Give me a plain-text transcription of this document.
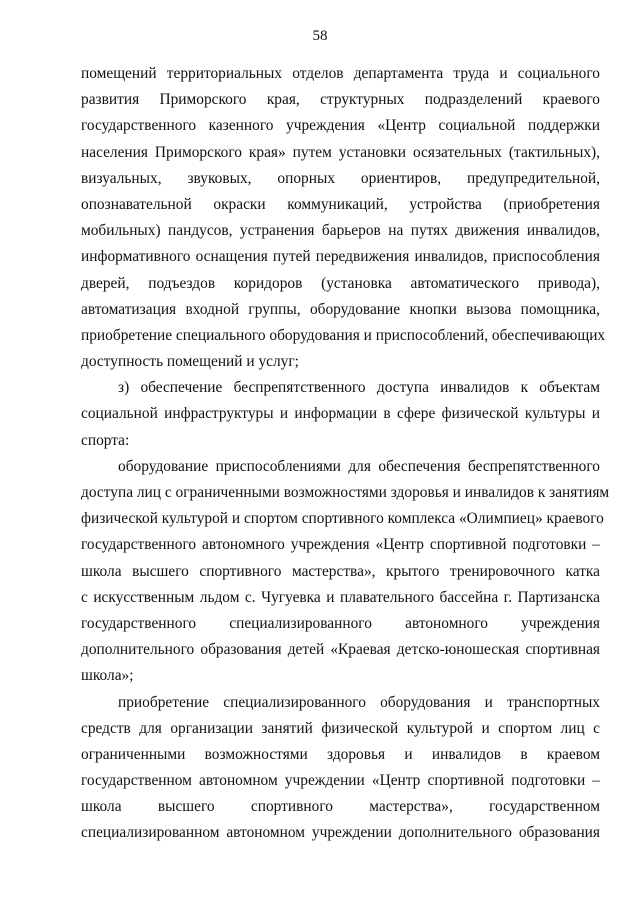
58
помещений территориальных отделов департамента труда и социального
развития Приморского края, структурных подразделений краевого
государственного казенного учреждения «Центр социальной поддержки
населения Приморского края» путем установки осязательных (тактильных),
визуальных, звуковых, опорных ориентиров, предупредительной,
опознавательной окраски коммуникаций, устройства (приобретения
мобильных) пандусов, устранения барьеров на путях движения инвалидов,
информативного оснащения путей передвижения инвалидов, приспособления
дверей, подъездов коридоров (установка автоматического привода),
автоматизация входной группы, оборудование кнопки вызова помощника,
приобретение специального оборудования и приспособлений, обеспечивающих
доступность помещений и услуг;
з) обеспечение беспрепятственного доступа инвалидов к объектам
социальной инфраструктуры и информации в сфере физической культуры и
спорта:
оборудование приспособлениями для обеспечения беспрепятственного
доступа лиц с ограниченными возможностями здоровья и инвалидов к занятиям
физической культурой и спортом спортивного комплекса «Олимпиец» краевого
государственного автономного учреждения «Центр спортивной подготовки –
школа высшего спортивного мастерства», крытого тренировочного катка
с искусственным льдом с. Чугуевка и плавательного бассейна г. Партизанска
государственного специализированного автономного учреждения
дополнительного образования детей «Краевая детско-юношеская спортивная
школа»;
приобретение специализированного оборудования и транспортных
средств для организации занятий физической культурой и спортом лиц с
ограниченными возможностями здоровья и инвалидов в краевом
государственном автономном учреждении «Центр спортивной подготовки –
школа высшего спортивного мастерства», государственном
специализированном автономном учреждении дополнительного образования
